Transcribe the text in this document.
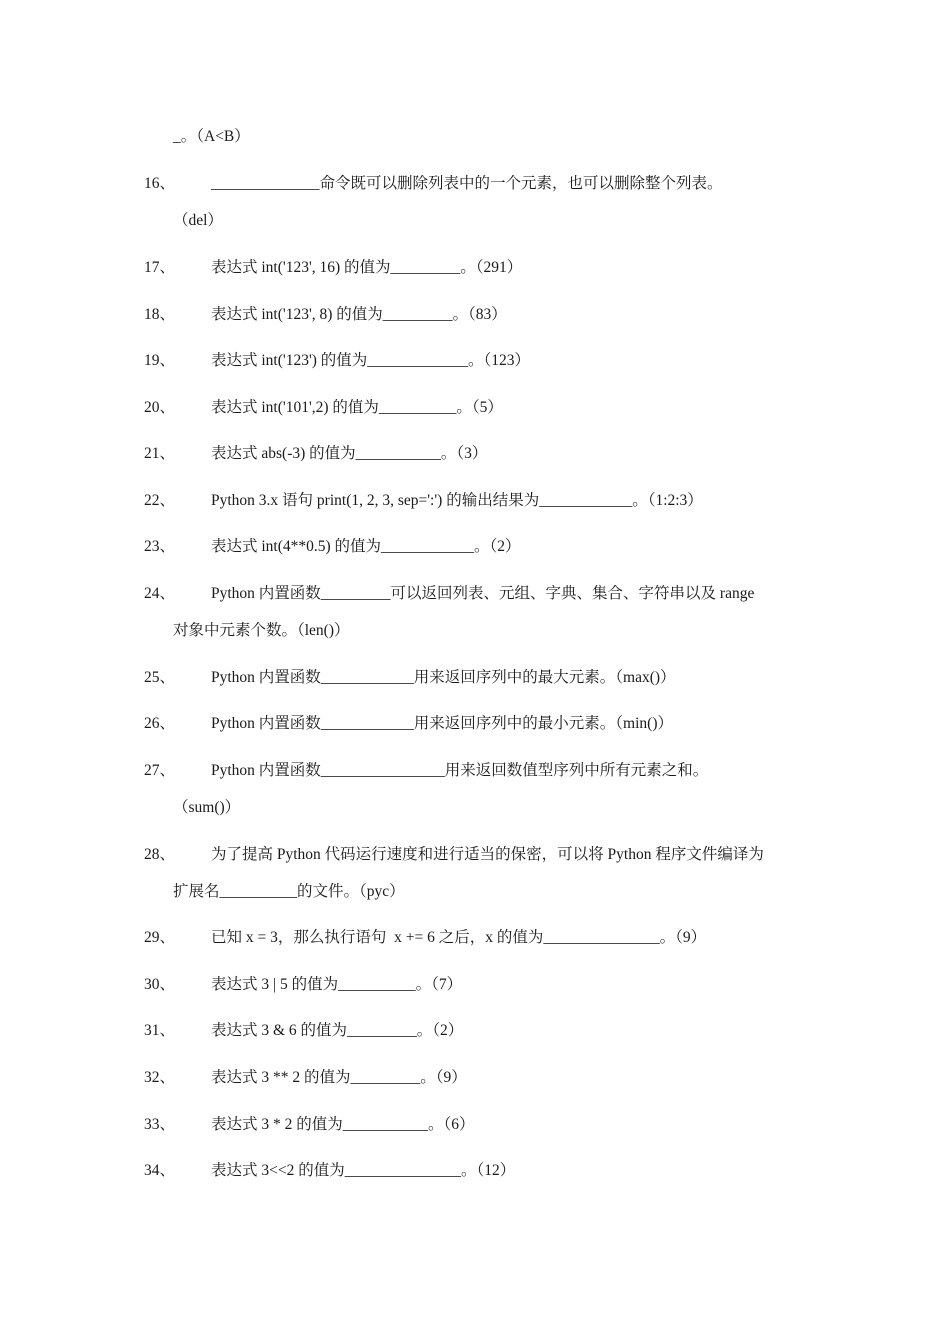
_。（A<B）
16、 ______________命令既可以删除列表中的一个元素，也可以删除整个列表。
（del）
17、 表达式 int('123', 16) 的值为_________。（291）
18、 表达式 int('123', 8) 的值为_________。（83）
19、 表达式 int('123') 的值为_____________。（123）
20、 表达式 int('101',2) 的值为__________。（5）
21、 表达式 abs(-3) 的值为___________。（3）
22、 Python 3.x 语句 print(1, 2, 3, sep=':') 的输出结果为____________。（1:2:3）
23、 表达式 int(4**0.5) 的值为____________。（2）
24、 Python 内置函数_________可以返回列表、元组、字典、集合、字符串以及 range
对象中元素个数。（len()）
25、 Python 内置函数____________用来返回序列中的最大元素。（max()）
26、 Python 内置函数____________用来返回序列中的最小元素。（min()）
27、 Python 内置函数________________用来返回数值型序列中所有元素之和。
（sum()）
28、 为了提高 Python 代码运行速度和进行适当的保密，可以将 Python 程序文件编译为
扩展名__________的文件。（pyc）
29、 已知 x = 3，那么执行语句  x += 6 之后，x 的值为_______________。（9）
30、 表达式 3 | 5 的值为__________。（7）
31、 表达式 3 & 6 的值为_________。（2）
32、 表达式 3 ** 2 的值为_________。（9）
33、 表达式 3 * 2 的值为___________。（6）
34、 表达式 3<<2 的值为_______________。（12）
